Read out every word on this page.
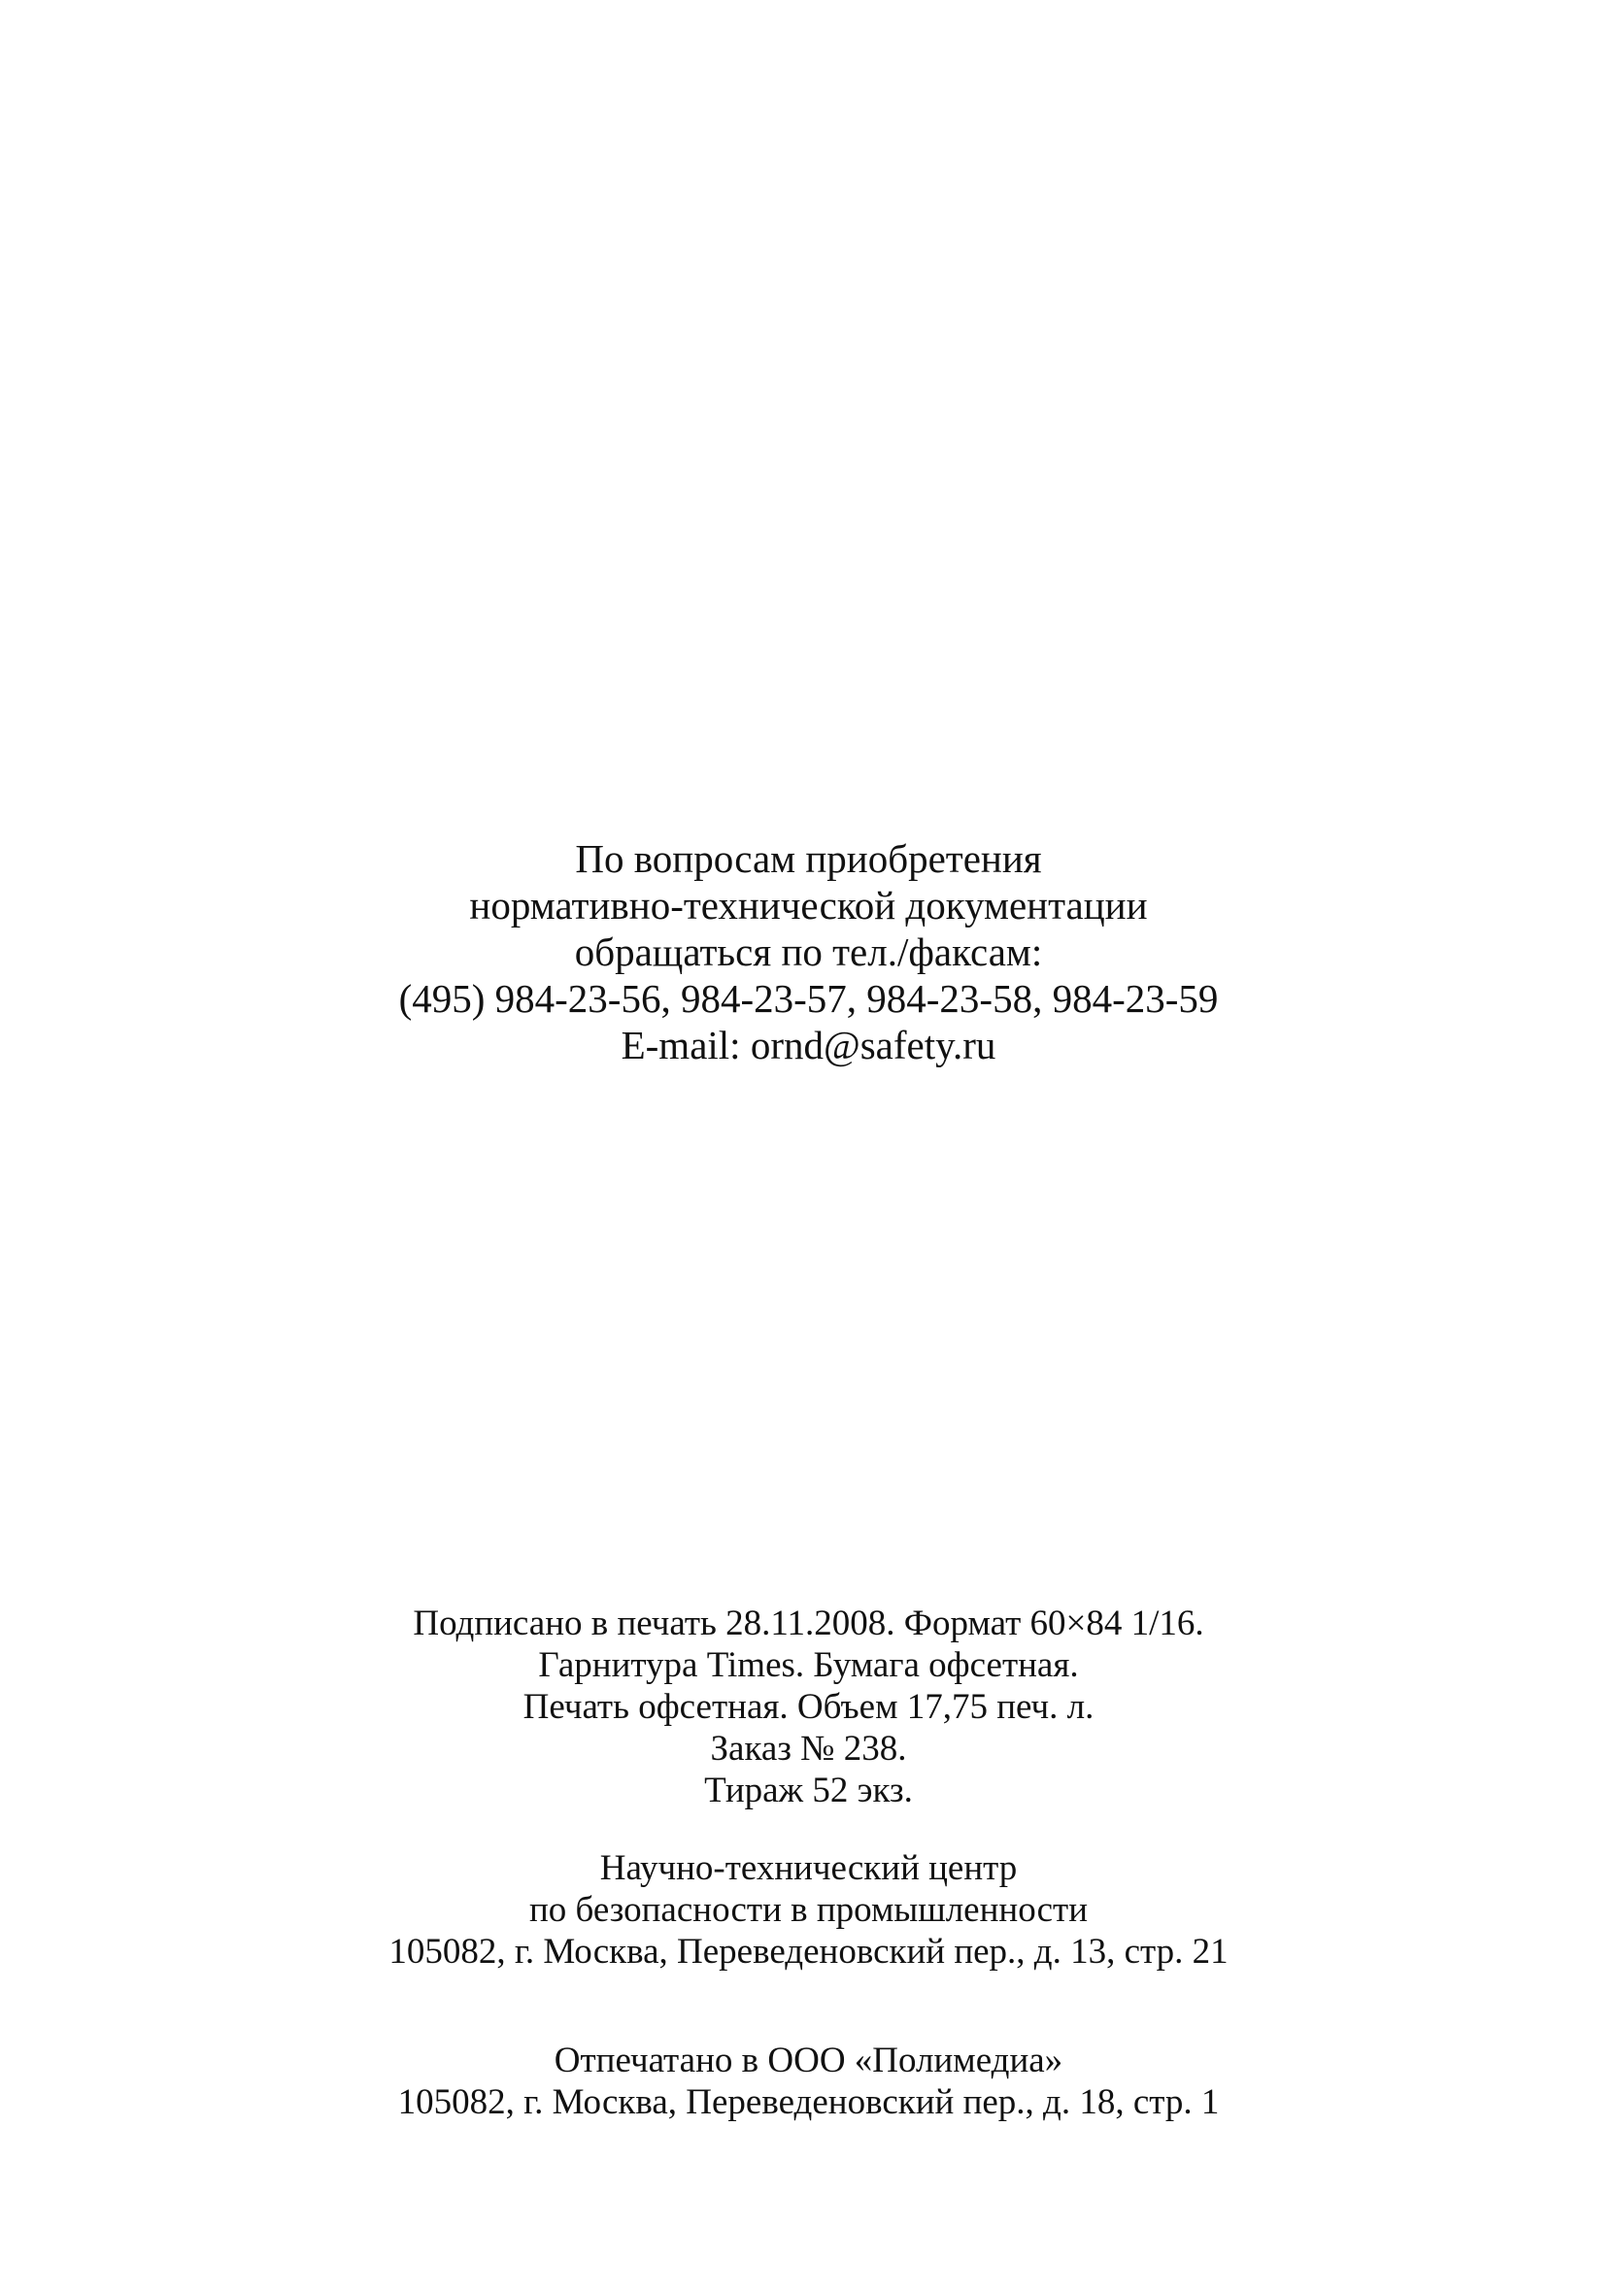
По вопросам приобретения
нормативно-технической документации
обращаться по тел./факсам:
(495) 984-23-56, 984-23-57, 984-23-58, 984-23-59
E-mail: ornd@safety.ru
Подписано в печать 28.11.2008. Формат 60×84 1/16.
Гарнитура Times. Бумага офсетная.
Печать офсетная. Объем 17,75 печ. л.
Заказ № 238.
Тираж 52 экз.
Научно-технический центр
по безопасности в промышленности
105082, г. Москва, Переведеновский пер., д. 13, стр. 21
Отпечатано в ООО «Полимедиа»
105082, г. Москва, Переведеновский пер., д. 18, стр. 1
